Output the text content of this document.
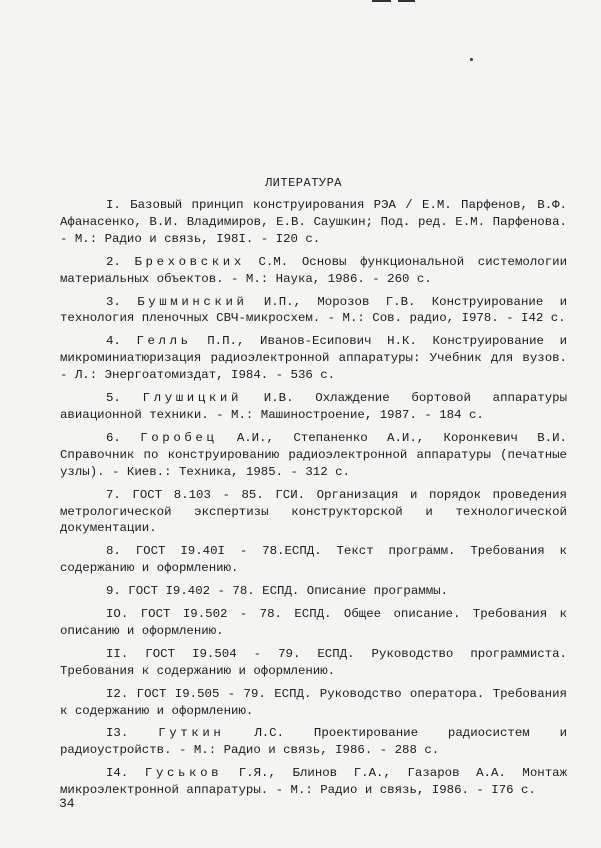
ЛИТЕРАТУРА

I. Базовый принцип конструирования РЭА / Е.М. Парфенов, В.Ф. Афанасенко, В.И. Владимиров, Е.В. Саушкин; Под. ред. Е.М. Парфенова. - М.: Радио и связь, I98I. - I20 с.

2. Бреховских С.М. Основы функциональной системологии материальных объектов. - М.: Наука, 1986. - 260 с.

3. Бушминский И.П., Морозов Г.В. Конструирование и технология пленочных СВЧ-микросхем. - М.: Сов. радио, I978. - I42 с.

4. Гелль П.П., Иванов-Есипович Н.К. Конструирование и микроминиатюризация радиоэлектронной аппаратуры: Учебник для вузов. - Л.: Энергоатомиздат, I984. - 536 с.

5. Глушицкий И.В. Охлаждение бортовой аппаратуры авиационной техники. - М.: Машиностроение, 1987. - 184 с.

6. Горобец А.И., Степаненко А.И., Коронкевич В.И. Справочник по конструированию радиоэлектронной аппаратуры (печатные узлы). - Киев.: Техника, 1985. - 312 с.

7. ГОСТ 8.103 - 85. ГСИ. Организация и порядок проведения метрологической экспертизы конструкторской и технологической документации.

8. ГОСТ I9.40I - 78.ЕСПД. Текст программ. Требования к содержанию и оформлению.

9. ГОСТ I9.402 - 78. ЕСПД. Описание программы.

IO. ГОСТ I9.502 - 78. ЕСПД. Общее описание. Требования к описанию и оформлению.

II. ГОСТ I9.504 - 79. ЕСПД. Руководство программиста. Требования к содержанию и оформлению.

I2. ГОСТ I9.505 - 79. ЕСПД. Руководство оператора. Требования к содержанию и оформлению.

I3. Гуткин Л.С. Проектирование радиосистем и радиоустройств. - М.: Радио и связь, I986. - 288 с.

I4. Гуськов Г.Я., Блинов Г.А., Газаров А.А. Монтаж микроэлектронной аппаратуры. - М.: Радио и связь, I986. - I76 с.

34
